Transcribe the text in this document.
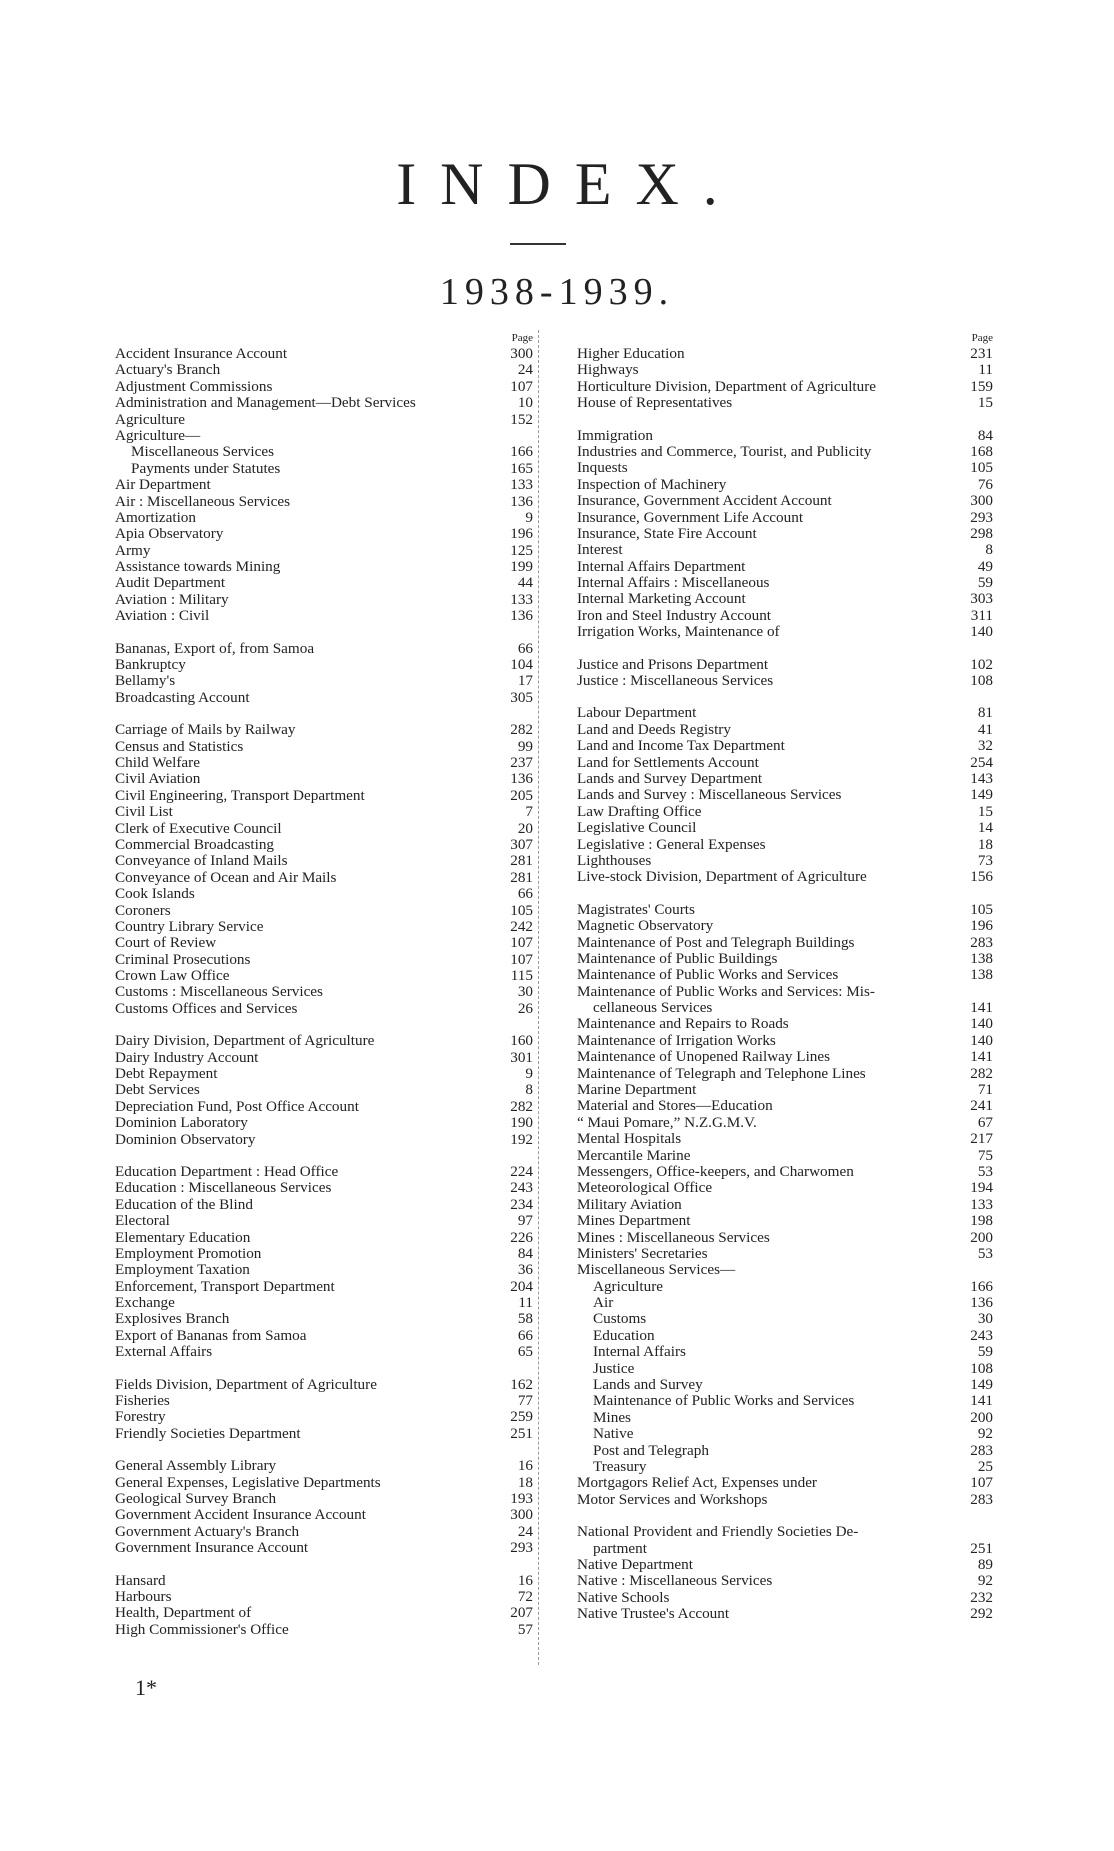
INDEX.
1938-1939.
Page
Accident Insurance Account	300
Actuary's Branch	24
Adjustment Commissions	107
Administration and Management—Debt Services	10
Agriculture	152
Agriculture—
Miscellaneous Services	166
Payments under Statutes	165
Air Department	133
Air : Miscellaneous Services	136
Amortization	9
Apia Observatory	196
Army	125
Assistance towards Mining	199
Audit Department	44
Aviation : Military	133
Aviation : Civil	136
Bananas, Export of, from Samoa	66
Bankruptcy	104
Bellamy's	17
Broadcasting Account	305
Carriage of Mails by Railway	282
Census and Statistics	99
Child Welfare	237
Civil Aviation	136
Civil Engineering, Transport Department	205
Civil List	7
Clerk of Executive Council	20
Commercial Broadcasting	307
Conveyance of Inland Mails	281
Conveyance of Ocean and Air Mails	281
Cook Islands	66
Coroners	105
Country Library Service	242
Court of Review	107
Criminal Prosecutions	107
Crown Law Office	115
Customs : Miscellaneous Services	30
Customs Offices and Services	26
Dairy Division, Department of Agriculture	160
Dairy Industry Account	301
Debt Repayment	9
Debt Services	8
Depreciation Fund, Post Office Account	282
Dominion Laboratory	190
Dominion Observatory	192
Education Department : Head Office	224
Education : Miscellaneous Services	243
Education of the Blind	234
Electoral	97
Elementary Education	226
Employment Promotion	84
Employment Taxation	36
Enforcement, Transport Department	204
Exchange	11
Explosives Branch	58
Export of Bananas from Samoa	66
External Affairs	65
Fields Division, Department of Agriculture	162
Fisheries	77
Forestry	259
Friendly Societies Department	251
General Assembly Library	16
General Expenses, Legislative Departments	18
Geological Survey Branch	193
Government Accident Insurance Account	300
Government Actuary's Branch	24
Government Insurance Account	293
Hansard	16
Harbours	72
Health, Department of	207
High Commissioner's Office	57
Page
Higher Education	231
Highways	11
Horticulture Division, Department of Agriculture	159
House of Representatives	15
Immigration	84
Industries and Commerce, Tourist, and Publicity	168
Inquests	105
Inspection of Machinery	76
Insurance, Government Accident Account	300
Insurance, Government Life Account	293
Insurance, State Fire Account	298
Interest	8
Internal Affairs Department	49
Internal Affairs : Miscellaneous	59
Internal Marketing Account	303
Iron and Steel Industry Account	311
Irrigation Works, Maintenance of	140
Justice and Prisons Department	102
Justice : Miscellaneous Services	108
Labour Department	81
Land and Deeds Registry	41
Land and Income Tax Department	32
Land for Settlements Account	254
Lands and Survey Department	143
Lands and Survey : Miscellaneous Services	149
Law Drafting Office	15
Legislative Council	14
Legislative : General Expenses	18
Lighthouses	73
Live-stock Division, Department of Agriculture	156
Magistrates' Courts	105
Magnetic Observatory	196
Maintenance of Post and Telegraph Buildings	283
Maintenance of Public Buildings	138
Maintenance of Public Works and Services	138
Maintenance of Public Works and Services: Mis-
cellaneous Services	141
Maintenance and Repairs to Roads	140
Maintenance of Irrigation Works	140
Maintenance of Unopened Railway Lines	141
Maintenance of Telegraph and Telephone Lines	282
Marine Department	71
Material and Stores—Education	241
“ Maui Pomare,” N.Z.G.M.V.	67
Mental Hospitals	217
Mercantile Marine	75
Messengers, Office-keepers, and Charwomen	53
Meteorological Office	194
Military Aviation	133
Mines Department	198
Mines : Miscellaneous Services	200
Ministers' Secretaries	53
Miscellaneous Services—
Agriculture	166
Air	136
Customs	30
Education	243
Internal Affairs	59
Justice	108
Lands and Survey	149
Maintenance of Public Works and Services	141
Mines	200
Native	92
Post and Telegraph	283
Treasury	25
Mortgagors Relief Act, Expenses under	107
Motor Services and Workshops	283
National Provident and Friendly Societies De-
partment	251
Native Department	89
Native : Miscellaneous Services	92
Native Schools	232
Native Trustee's Account	292
1*
